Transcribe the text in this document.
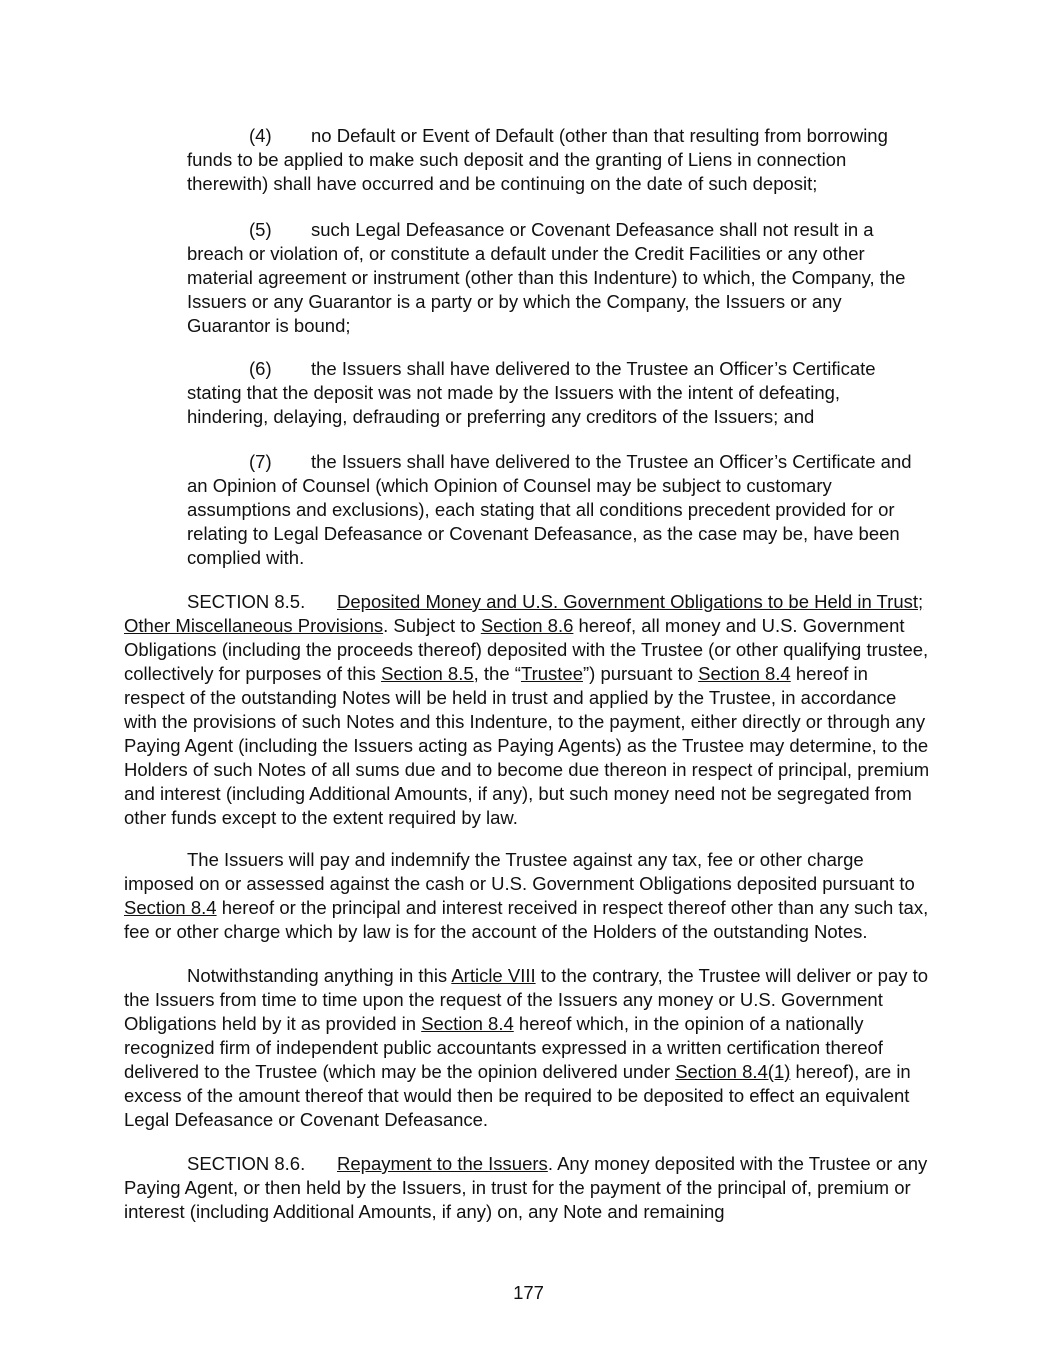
(4) no Default or Event of Default (other than that resulting from borrowing funds to be applied to make such deposit and the granting of Liens in connection therewith) shall have occurred and be continuing on the date of such deposit;

(5) such Legal Defeasance or Covenant Defeasance shall not result in a breach or violation of, or constitute a default under the Credit Facilities or any other material agreement or instrument (other than this Indenture) to which, the Company, the Issuers or any Guarantor is a party or by which the Company, the Issuers or any Guarantor is bound;

(6) the Issuers shall have delivered to the Trustee an Officer’s Certificate stating that the deposit was not made by the Issuers with the intent of defeating, hindering, delaying, defrauding or preferring any creditors of the Issuers; and

(7) the Issuers shall have delivered to the Trustee an Officer’s Certificate and an Opinion of Counsel (which Opinion of Counsel may be subject to customary assumptions and exclusions), each stating that all conditions precedent provided for or relating to Legal Defeasance or Covenant Defeasance, as the case may be, have been complied with.

SECTION 8.5. Deposited Money and U.S. Government Obligations to be Held in Trust; Other Miscellaneous Provisions. Subject to Section 8.6 hereof, all money and U.S. Government Obligations (including the proceeds thereof) deposited with the Trustee (or other qualifying trustee, collectively for purposes of this Section 8.5, the “Trustee”) pursuant to Section 8.4 hereof in respect of the outstanding Notes will be held in trust and applied by the Trustee, in accordance with the provisions of such Notes and this Indenture, to the payment, either directly or through any Paying Agent (including the Issuers acting as Paying Agents) as the Trustee may determine, to the Holders of such Notes of all sums due and to become due thereon in respect of principal, premium and interest (including Additional Amounts, if any), but such money need not be segregated from other funds except to the extent required by law.

The Issuers will pay and indemnify the Trustee against any tax, fee or other charge imposed on or assessed against the cash or U.S. Government Obligations deposited pursuant to Section 8.4 hereof or the principal and interest received in respect thereof other than any such tax, fee or other charge which by law is for the account of the Holders of the outstanding Notes.

Notwithstanding anything in this Article VIII to the contrary, the Trustee will deliver or pay to the Issuers from time to time upon the request of the Issuers any money or U.S. Government Obligations held by it as provided in Section 8.4 hereof which, in the opinion of a nationally recognized firm of independent public accountants expressed in a written certification thereof delivered to the Trustee (which may be the opinion delivered under Section 8.4(1) hereof), are in excess of the amount thereof that would then be required to be deposited to effect an equivalent Legal Defeasance or Covenant Defeasance.

SECTION 8.6. Repayment to the Issuers. Any money deposited with the Trustee or any Paying Agent, or then held by the Issuers, in trust for the payment of the principal of, premium or interest (including Additional Amounts, if any) on, any Note and remaining

177
